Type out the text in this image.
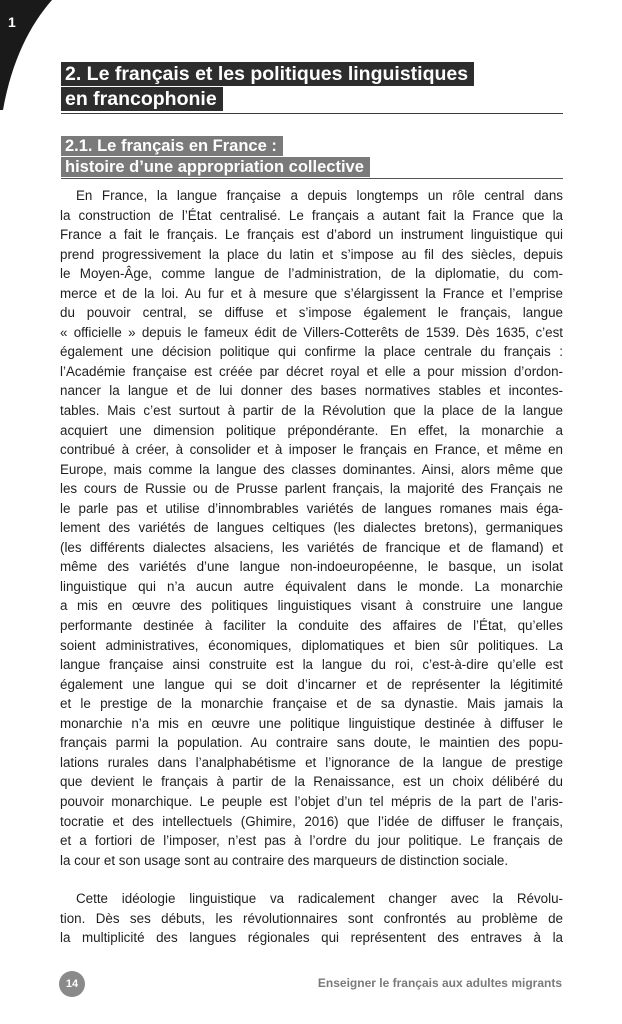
1
2. Le français et les politiques linguistiques
en francophonie
2.1. Le français en France :
histoire d’une appropriation collective
En France, la langue française a depuis longtemps un rôle central dans
la construction de l’État centralisé. Le français a autant fait la France que la
France a fait le français. Le français est d’abord un instrument linguistique qui
prend progressivement la place du latin et s’impose au fil des siècles, depuis
le Moyen-Âge, comme langue de l’administration, de la diplomatie, du com-
merce et de la loi. Au fur et à mesure que s’élargissent la France et l’emprise
du pouvoir central, se diffuse et s’impose également le français, langue
« officielle » depuis le fameux édit de Villers-Cotterêts de 1539. Dès 1635, c’est
également une décision politique qui confirme la place centrale du français :
l’Académie française est créée par décret royal et elle a pour mission d’ordon-
nancer la langue et de lui donner des bases normatives stables et incontes-
tables. Mais c’est surtout à partir de la Révolution que la place de la langue
acquiert une dimension politique prépondérante. En effet, la monarchie a
contribué à créer, à consolider et à imposer le français en France, et même en
Europe, mais comme la langue des classes dominantes. Ainsi, alors même que
les cours de Russie ou de Prusse parlent français, la majorité des Français ne
le parle pas et utilise d’innombrables variétés de langues romanes mais éga-
lement des variétés de langues celtiques (les dialectes bretons), germaniques
(les différents dialectes alsaciens, les variétés de francique et de flamand) et
même des variétés d’une langue non-indoeuropéenne, le basque, un isolat
linguistique qui n’a aucun autre équivalent dans le monde. La monarchie
a mis en œuvre des politiques linguistiques visant à construire une langue
performante destinée à faciliter la conduite des affaires de l’État, qu’elles
soient administratives, économiques, diplomatiques et bien sûr politiques. La
langue française ainsi construite est la langue du roi, c’est-à-dire qu’elle est
également une langue qui se doit d’incarner et de représenter la légitimité
et le prestige de la monarchie française et de sa dynastie. Mais jamais la
monarchie n’a mis en œuvre une politique linguistique destinée à diffuser le
français parmi la population. Au contraire sans doute, le maintien des popu-
lations rurales dans l’analphabétisme et l’ignorance de la langue de prestige
que devient le français à partir de la Renaissance, est un choix délibéré du
pouvoir monarchique. Le peuple est l’objet d’un tel mépris de la part de l’aris-
tocratie et des intellectuels (Ghimire, 2016) que l’idée de diffuser le français,
et a fortiori de l’imposer, n’est pas à l’ordre du jour politique. Le français de
la cour et son usage sont au contraire des marqueurs de distinction sociale.
Cette idéologie linguistique va radicalement changer avec la Révolu-
tion. Dès ses débuts, les révolutionnaires sont confrontés au problème de
la multiplicité des langues régionales qui représentent des entraves à la
14	Enseigner le français aux adultes migrants
